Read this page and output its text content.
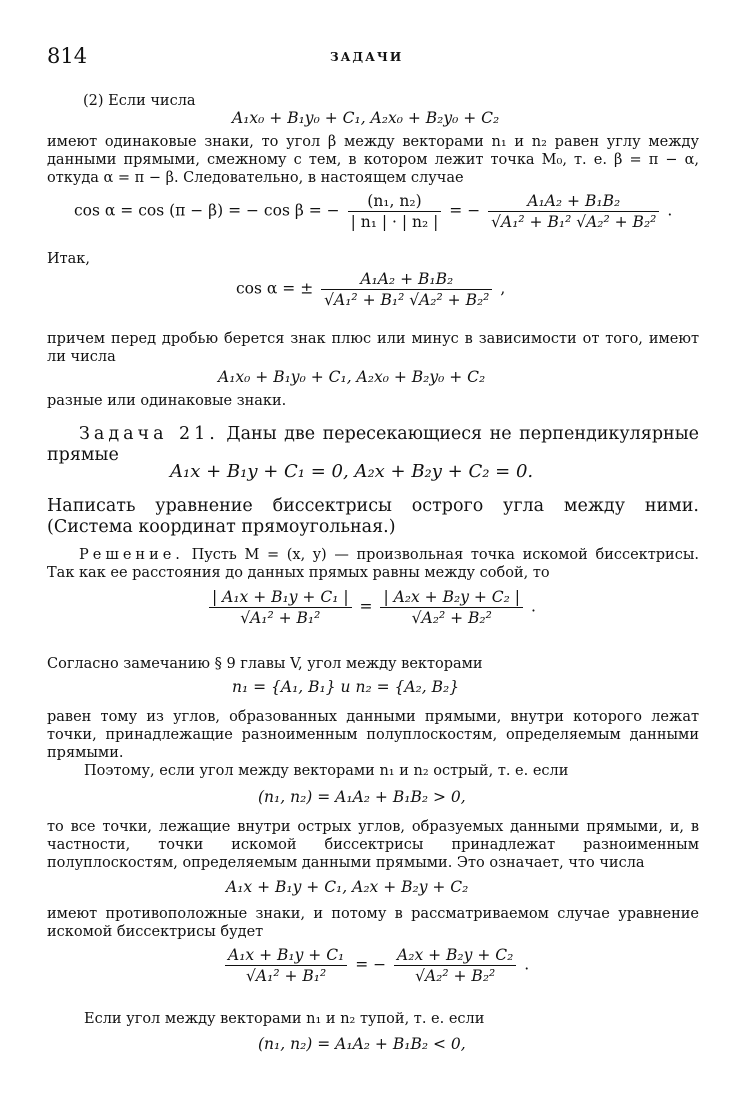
814	ЗАДАЧИ
(2) Если числа
A₁x₀ + B₁y₀ + C₁, A₂x₀ + B₂y₀ + C₂
имеют одинаковые знаки, то угол β между векторами n₁ и n₂ равен углу между данными прямыми, смежному с тем, в котором лежит точка M₀, т. е. β = π − α, откуда α = π − β. Следовательно, в настоящем случае
cos α = cos (π − β) = − cos β = − $\frac{\text{(n₁, n₂)}}{\text{| n₁ | · | n₂ |}}$ = − $\frac{\text{A₁A₂ + B₁B₂}}{\text{√A₁² + B₁² √A₂² + B₂²}}$ .
Итак,
cos α = ± $\frac{\text{A₁A₂ + B₁B₂}}{\text{√A₁² + B₁² √A₂² + B₂²}}$ ,
причем перед дробью берется знак плюс или минус в зависимости от того, имеют ли числа
A₁x₀ + B₁y₀ + C₁, A₂x₀ + B₂y₀ + C₂
разные или одинаковые знаки.
Задача 21. Даны две пересекающиеся не перпендикулярные прямые
A₁x + B₁y + C₁ = 0, A₂x + B₂y + C₂ = 0.
Написать уравнение биссектрисы острого угла между ними. (Система координат прямоугольная.)
Решение. Пусть M = (x, y) — произвольная точка искомой биссектрисы. Так как ее расстояния до данных прямых равны между собой, то
$\frac{\text{| A₁x + B₁y + C₁ |}}{\text{√A₁² + B₁²}} = \frac{\text{| A₂x + B₂y + C₂ |}}{\text{√A₂² + B₂²}}$ .
Согласно замечанию § 9 главы V, угол между векторами
n₁ = {A₁, B₁} и n₂ = {A₂, B₂}
равен тому из углов, образованных данными прямыми, внутри которого лежат точки, принадлежащие разноименным полуплоскостям, определяемым данными прямыми.
Поэтому, если угол между векторами n₁ и n₂ острый, т. е. если
(n₁, n₂) = A₁A₂ + B₁B₂ > 0,
то все точки, лежащие внутри острых углов, образуемых данными прямыми, и, в частности, точки искомой биссектрисы принадлежат разноименным полуплоскостям, определяемым данными прямыми. Это означает, что числа
A₁x + B₁y + C₁, A₂x + B₂y + C₂
имеют противоположные знаки, и потому в рассматриваемом случае уравнение искомой биссектрисы будет
$\frac{\text{A₁x + B₁y + C₁}}{\text{√A₁² + B₁²}}$ = − $\frac{\text{A₂x + B₂y + C₂}}{\text{√A₂² + B₂²}}$ .
Если угол между векторами n₁ и n₂ тупой, т. е. если
(n₁, n₂) = A₁A₂ + B₁B₂ < 0,
